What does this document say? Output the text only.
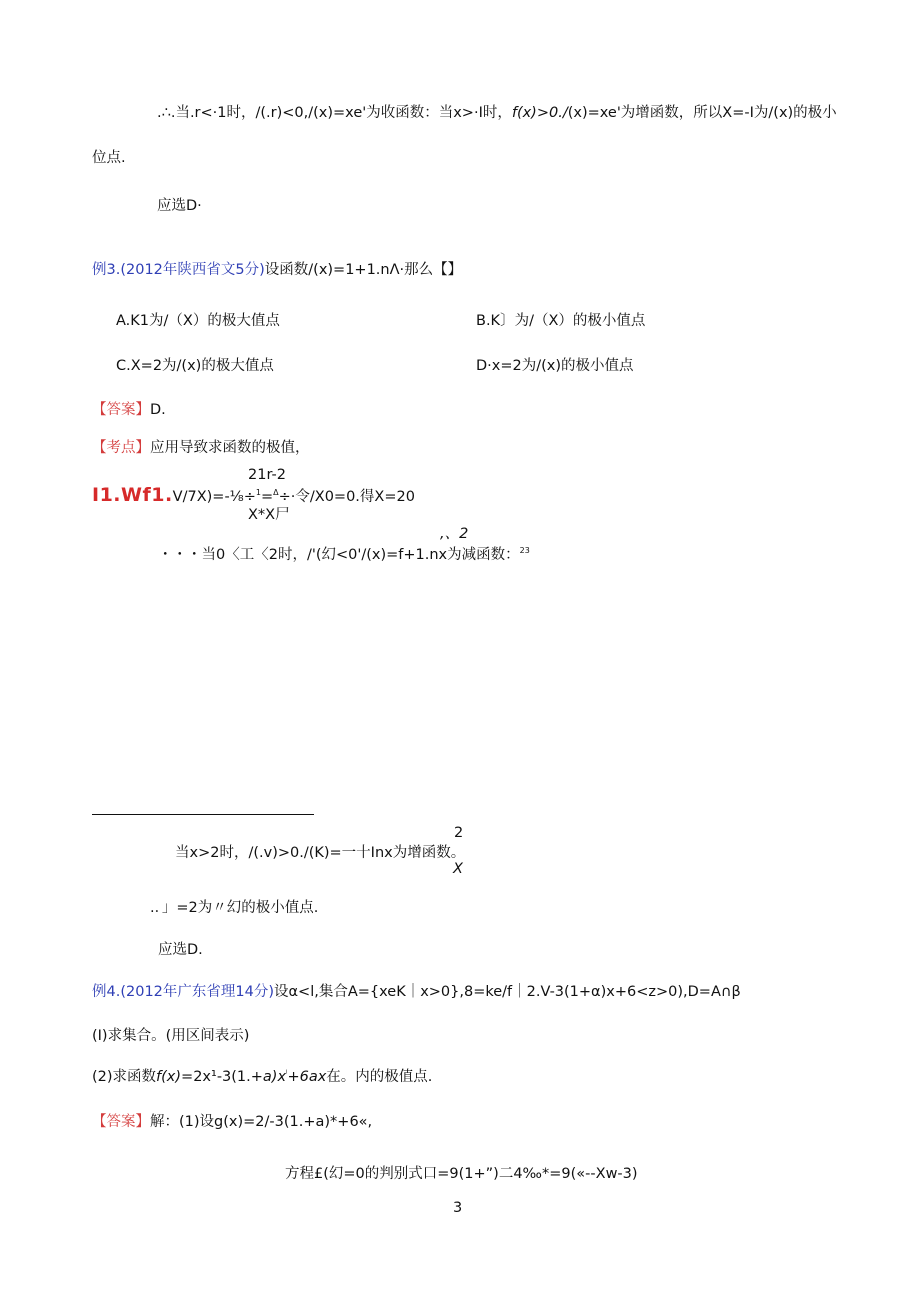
.∴.当.r<·1时，/(.r)<0,/(x)=xe'为收函数：当x>·I时，f(x)>0./(x)=xe'为增函数，所以X=-I为/(x)的极小
位点.
应选D·
例3.(2012年陕西省文5分)设函数/(x)=1+1.nΛ·那么【】
A.K1为/（X）的极大值点	B.K〕为/（X）的极小值点
C.X=2为/(x)的极大值点	D·x=2为/(x)的极小值点
【答案】D.
【考点】应用导致求函数的极值，
21r-2
I1.Wf1.V/7X)=-⅛÷$^1$=$^\Delta$÷·令/X0=0.得X=20
X*X尸
,、2
・・・当0〈工〈2时，/'(幻<0'/(x)=f+1.nx为减函数：$^{23}$
2
当x>2时，/(.v)>0./(K)=一十Inx为增函数。
X
.．」=2为〃幻的极小值点.
应选D.
例4.(2012年广东省理14分)设α<l,集合A={xeK｜x>0},8=ke∕f｜2.V-3(1+α)x+6<z>0),D=A∩β
(I)求集合。(用区间表示)
(2)求函数$f(x)=2x^1-3(1.+a)x^ʲ+6ax$在。内的极值点.
【答案】解：(1)设g(x)=2/-3(1.+a)*+6«,
方程£(幻=0的判别式口=9(1+”)二4‰*=9(«--Xw-3)
3
